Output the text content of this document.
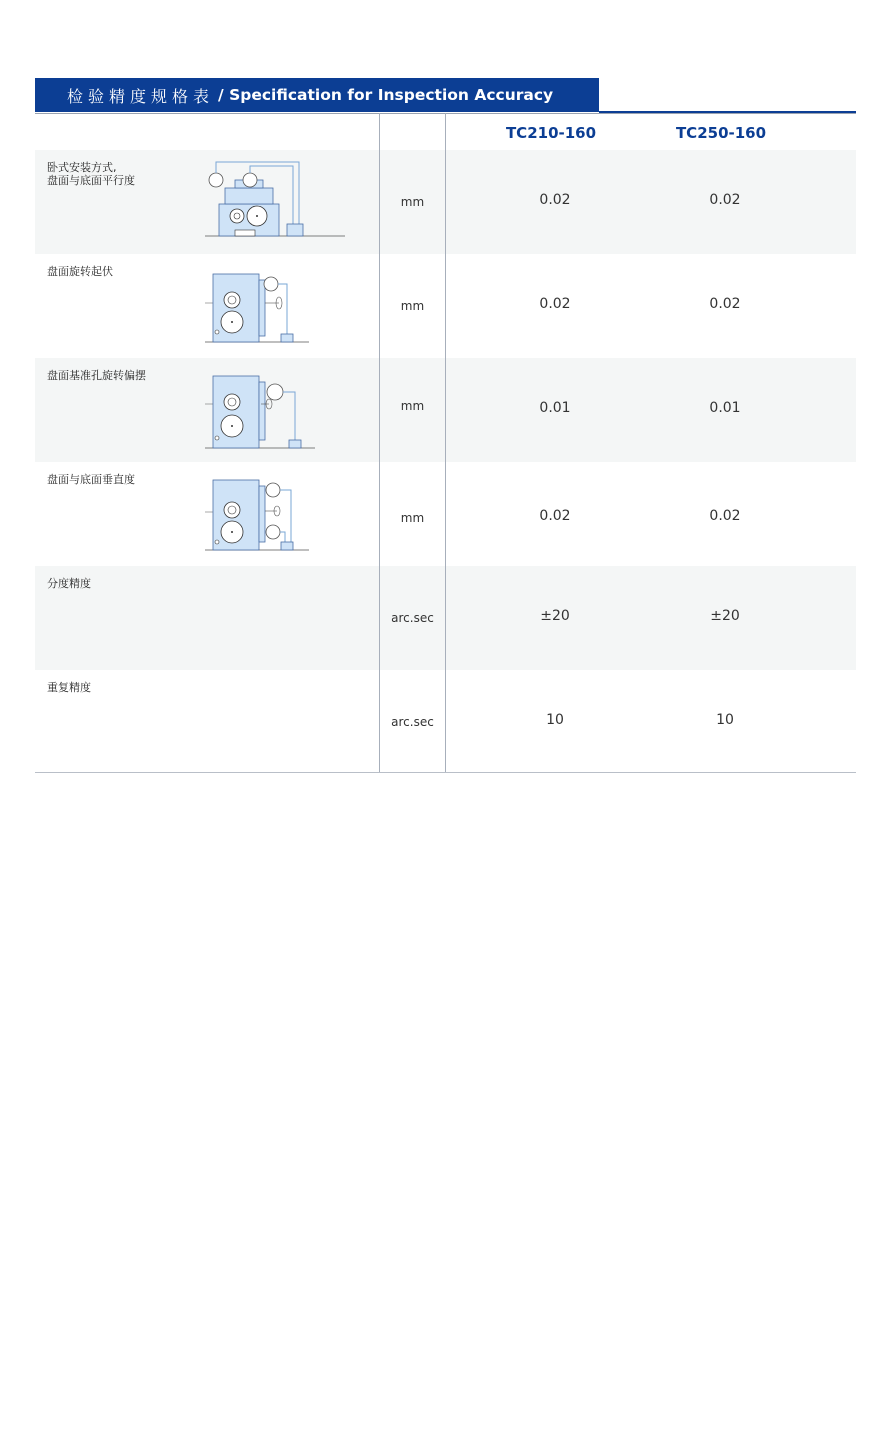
检验精度规格表 / Specification for Inspection Accuracy
TC210-160	TC250-160
卧式安装方式,
盘面与底面平行度
mm	0.02	0.02
盘面旋转起伏
mm	0.02	0.02
盘面基准孔旋转偏摆
mm	0.01	0.01
盘面与底面垂直度
mm	0.02	0.02
分度精度
arc.sec	±20	±20
重复精度
arc.sec	10	10
